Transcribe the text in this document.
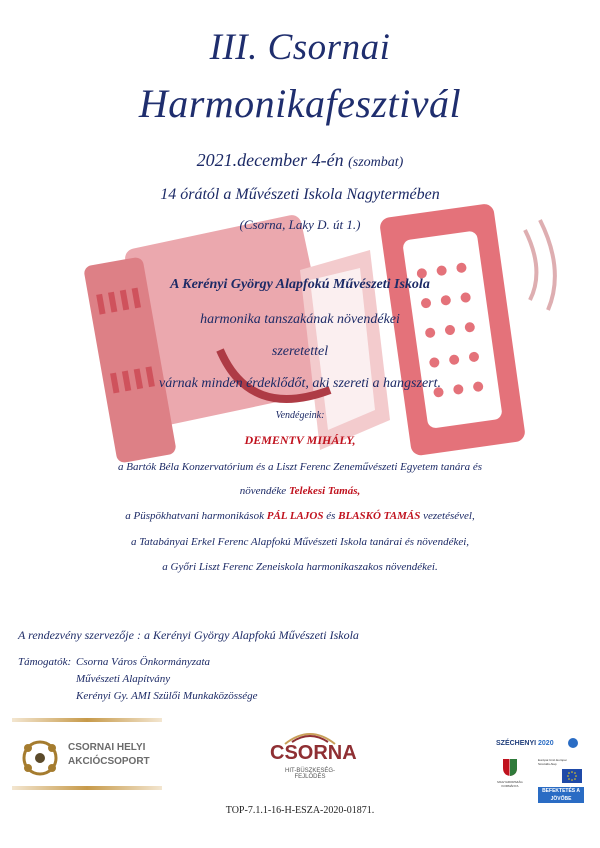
III. Csornai
Harmonikafesztivál
2021.december 4-én (szombat)
14 órától a Művészeti Iskola Nagytermében
(Csorna, Laky D. út 1.)
A Kerényi György Alapfokú Művészeti Iskola
harmonika tanszakának növendékei
szeretettel
várnak minden érdeklődőt, aki szereti a hangszert.
Vendégeink:
DEMENTV MIHÁLY,
a Bartók Béla Konzervatórium és a Liszt Ferenc Zeneművészeti Egyetem tanára és
növendéke Telekesi Tamás,
a Püspökhatvani harmonikások PÁL LAJOS és BLASKÓ TAMÁS vezetésével,
a Tatabányai Erkel Ferenc Alapfokú Művészeti Iskola tanárai és növendékei,
a Győri Liszt Ferenc Zeneiskola harmonikaszakos növendékei.
A rendezvény szervezője : a Kerényi György Alapfokú Művészeti Iskola
Támogatók: Csorna Város Önkormányzata
Művészeti Alapítvány
Kerényi Gy. AMI Szülői Munkaközössége
CSORNAI HELYI
AKCIÓCSOPORT	CSORNA
HIT-BÜSZKESÉG-FEJLŐDÉS
SZÉCHENYI 2020
MAGYARORSZÁG KORMÁNYA
Európai Unió Európai Szociális Alap
BEFEKTETÉS A JÖVŐBE
TOP-7.1.1-16-H-ESZA-2020-01871.
